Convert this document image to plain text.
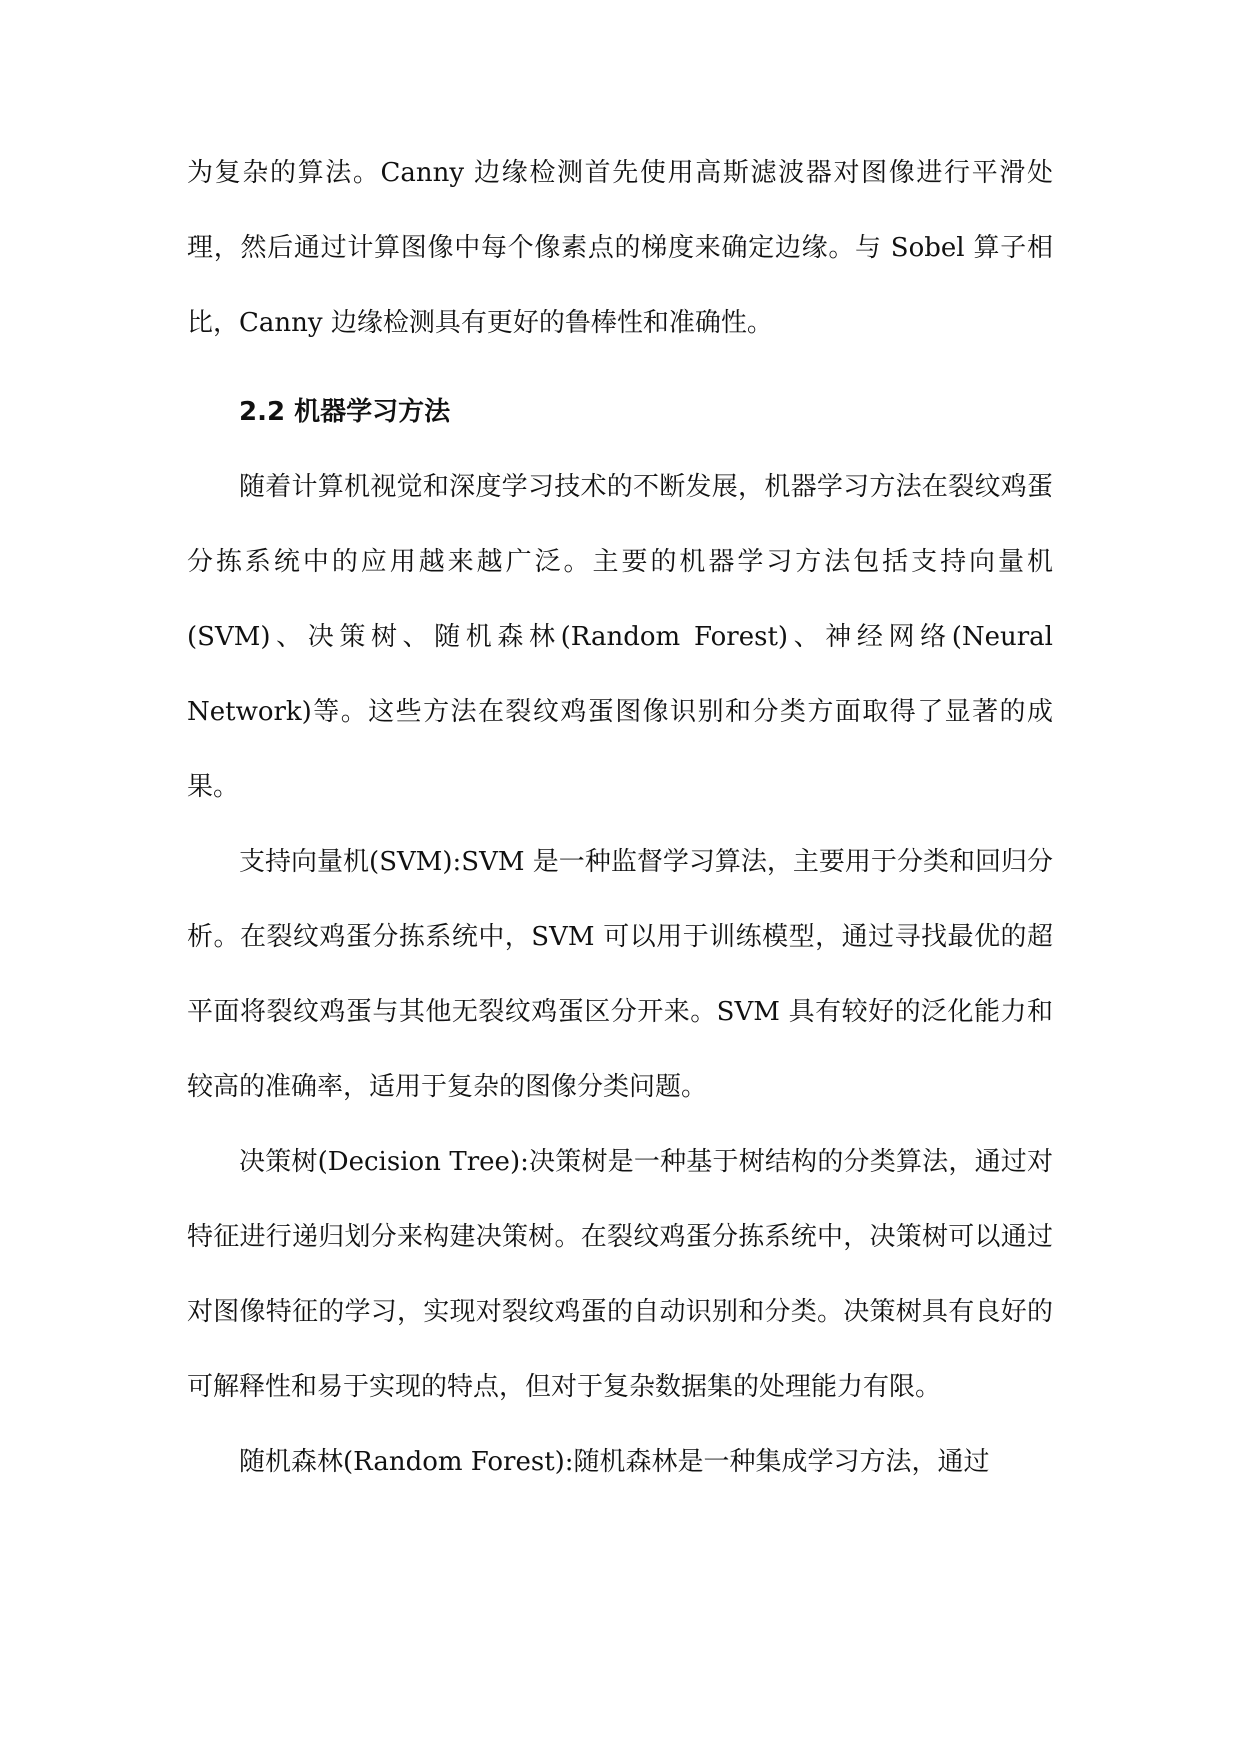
为复杂的算法。Canny 边缘检测首先使用高斯滤波器对图像进行平滑处理，然后通过计算图像中每个像素点的梯度来确定边缘。与 Sobel 算子相比，Canny 边缘检测具有更好的鲁棒性和准确性。

2.2 机器学习方法

随着计算机视觉和深度学习技术的不断发展，机器学习方法在裂纹鸡蛋分拣系统中的应用越来越广泛。主要的机器学习方法包括支持向量机(SVM)、决策树、随机森林(Random Forest)、神经网络(Neural Network)等。这些方法在裂纹鸡蛋图像识别和分类方面取得了显著的成果。

支持向量机(SVM):SVM 是一种监督学习算法，主要用于分类和回归分析。在裂纹鸡蛋分拣系统中，SVM 可以用于训练模型，通过寻找最优的超平面将裂纹鸡蛋与其他无裂纹鸡蛋区分开来。SVM 具有较好的泛化能力和较高的准确率，适用于复杂的图像分类问题。

决策树(Decision Tree):决策树是一种基于树结构的分类算法，通过对特征进行递归划分来构建决策树。在裂纹鸡蛋分拣系统中，决策树可以通过对图像特征的学习，实现对裂纹鸡蛋的自动识别和分类。决策树具有良好的可解释性和易于实现的特点，但对于复杂数据集的处理能力有限。

随机森林(Random Forest):随机森林是一种集成学习方法，通过
